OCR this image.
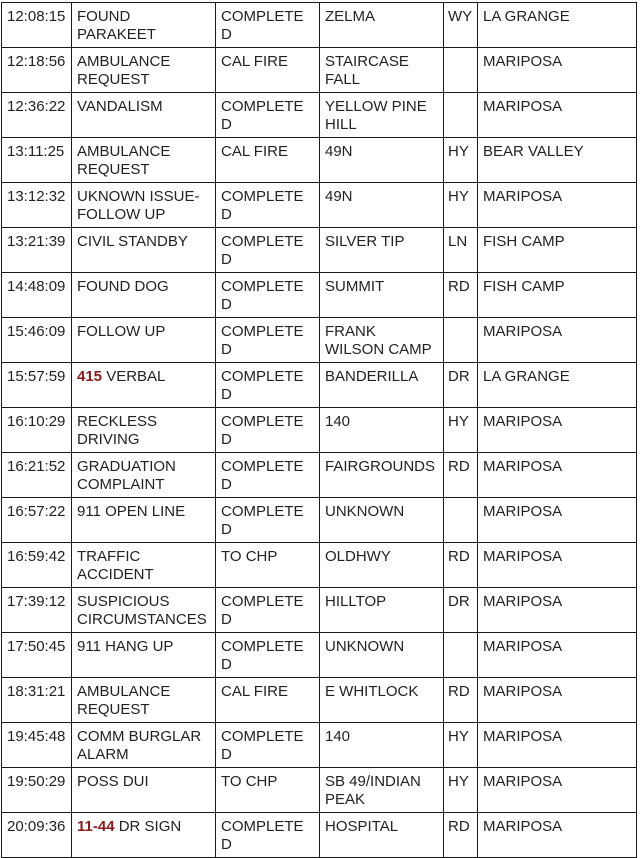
12:08:15	FOUND PARAKEET	COMPLETED	ZELMA	WY	LA GRANGE
12:18:56	AMBULANCE REQUEST	CAL FIRE	STAIRCASE FALL		MARIPOSA
12:36:22	VANDALISM	COMPLETED	YELLOW PINE HILL		MARIPOSA
13:11:25	AMBULANCE REQUEST	CAL FIRE	49N	HY	BEAR VALLEY
13:12:32	UKNOWN ISSUE-FOLLOW UP	COMPLETED	49N	HY	MARIPOSA
13:21:39	CIVIL STANDBY	COMPLETED	SILVER TIP	LN	FISH CAMP
14:48:09	FOUND DOG	COMPLETED	SUMMIT	RD	FISH CAMP
15:46:09	FOLLOW UP	COMPLETED	FRANK WILSON CAMP		MARIPOSA
15:57:59	415 VERBAL	COMPLETED	BANDERILLA	DR	LA GRANGE
16:10:29	RECKLESS DRIVING	COMPLETED	140	HY	MARIPOSA
16:21:52	GRADUATION COMPLAINT	COMPLETED	FAIRGROUNDS	RD	MARIPOSA
16:57:22	911 OPEN LINE	COMPLETED	UNKNOWN		MARIPOSA
16:59:42	TRAFFIC ACCIDENT	TO CHP	OLDHWY	RD	MARIPOSA
17:39:12	SUSPICIOUS CIRCUMSTANCES	COMPLETED	HILLTOP	DR	MARIPOSA
17:50:45	911 HANG UP	COMPLETED	UNKNOWN		MARIPOSA
18:31:21	AMBULANCE REQUEST	CAL FIRE	E WHITLOCK	RD	MARIPOSA
19:45:48	COMM BURGLAR ALARM	COMPLETED	140	HY	MARIPOSA
19:50:29	POSS DUI	TO CHP	SB 49/INDIAN PEAK	HY	MARIPOSA
20:09:36	11-44 DR SIGN	COMPLETED	HOSPITAL	RD	MARIPOSA
